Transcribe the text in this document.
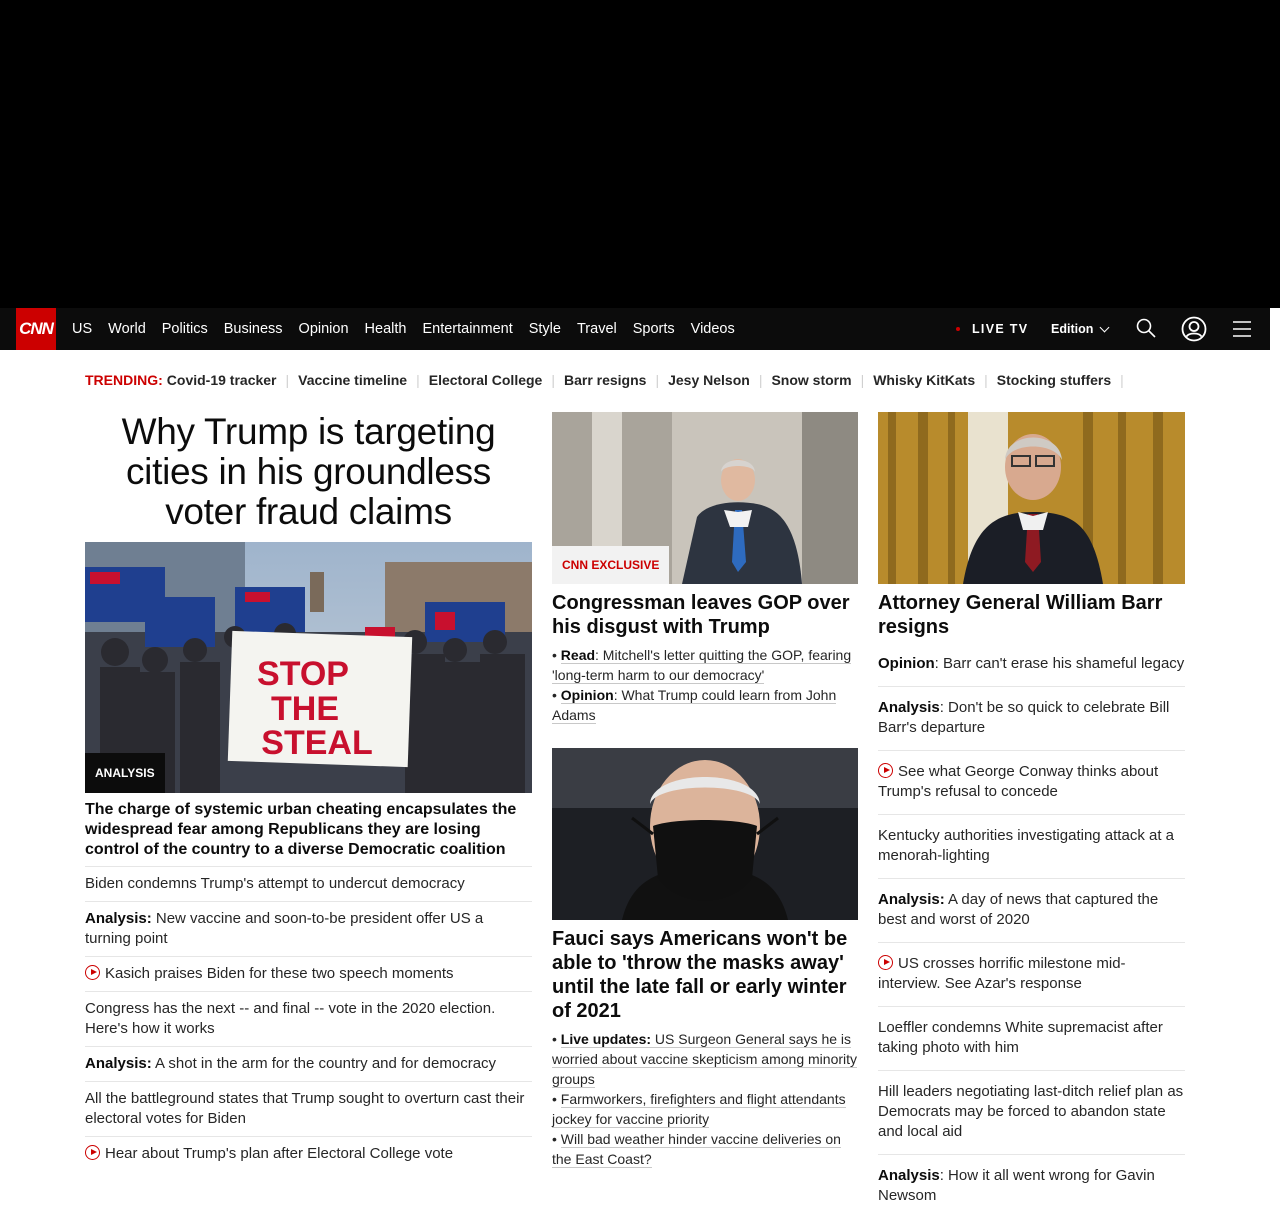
CNN US World Politics Business Opinion Health Entertainment Style Travel Sports Videos	LIVE TV Edition
TRENDING: Covid-19 tracker | Vaccine timeline | Electoral College | Barr resigns | Jesy Nelson | Snow storm | Whisky KitKats | Stocking stuffers |
Why Trump is targeting cities in his groundless voter fraud claims
STOP
THE
STEAL
ANALYSIS
The charge of systemic urban cheating encapsulates the widespread fear among Republicans they are losing control of the country to a diverse Democratic coalition
Biden condemns Trump's attempt to undercut democracy
Analysis: New vaccine and soon-to-be president offer US a turning point
Kasich praises Biden for these two speech moments
Congress has the next -- and final -- vote in the 2020 election. Here's how it works
Analysis: A shot in the arm for the country and for democracy
All the battleground states that Trump sought to overturn cast their electoral votes for Biden
Hear about Trump's plan after Electoral College vote
CNN EXCLUSIVE
Congressman leaves GOP over his disgust with Trump
• Read: Mitchell's letter quitting the GOP, fearing 'long-term harm to our democracy'
• Opinion: What Trump could learn from John Adams
Fauci says Americans won't be able to 'throw the masks away' until the late fall or early winter of 2021
• Live updates: US Surgeon General says he is worried about vaccine skepticism among minority groups
• Farmworkers, firefighters and flight attendants jockey for vaccine priority
• Will bad weather hinder vaccine deliveries on the East Coast?
Attorney General William Barr resigns
Opinion: Barr can't erase his shameful legacy
Analysis: Don't be so quick to celebrate Bill Barr's departure
See what George Conway thinks about Trump's refusal to concede
Kentucky authorities investigating attack at a menorah-lighting
Analysis: A day of news that captured the best and worst of 2020
US crosses horrific milestone mid-interview. See Azar's response
Loeffler condemns White supremacist after taking photo with him
Hill leaders negotiating last-ditch relief plan as Democrats may be forced to abandon state and local aid
Analysis: How it all went wrong for Gavin Newsom
